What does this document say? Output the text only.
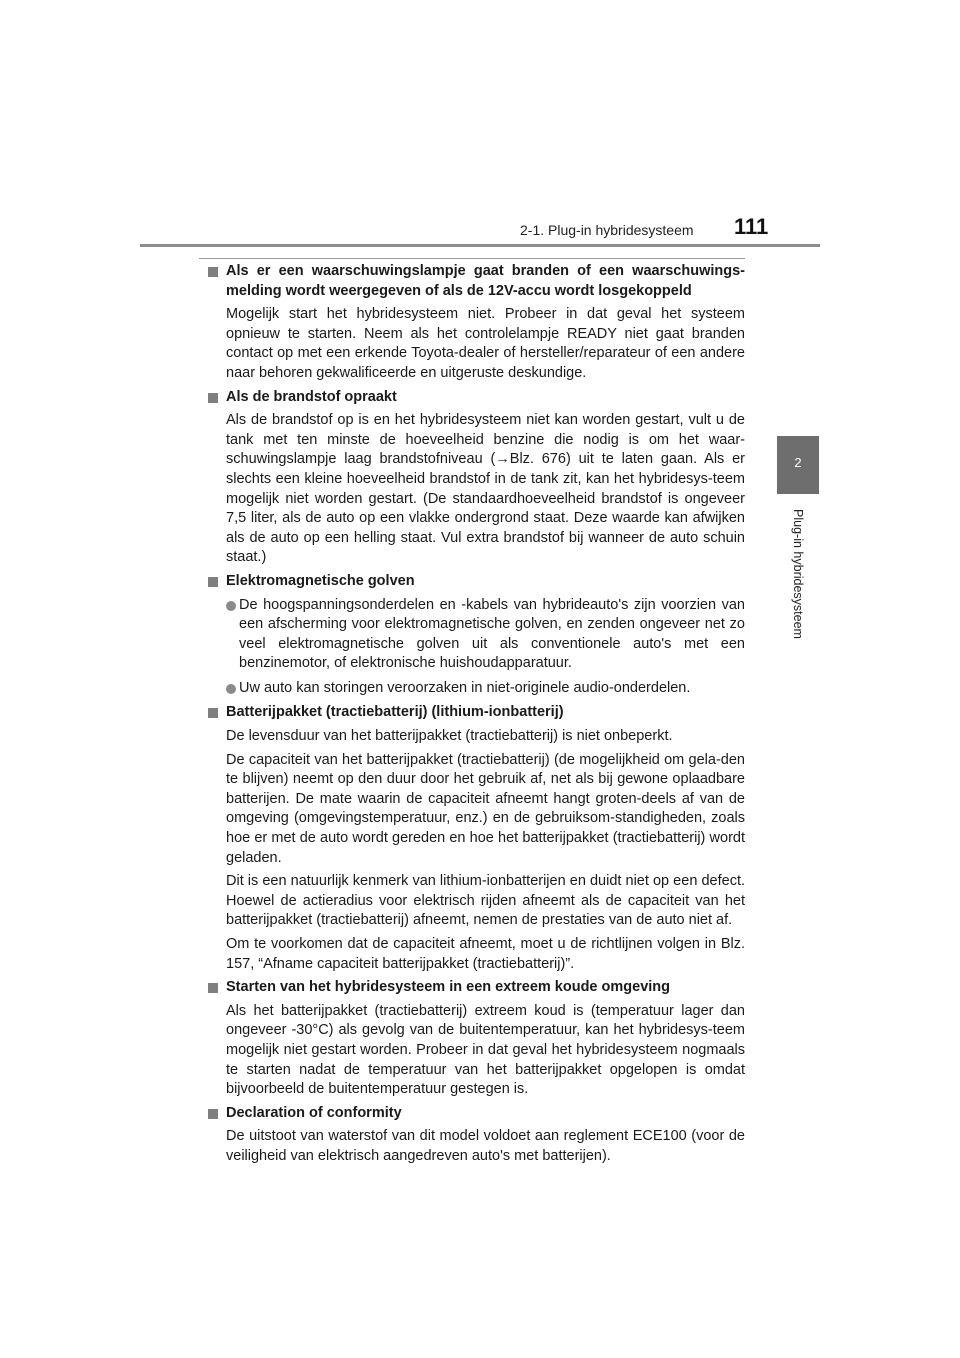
2-1. Plug-in hybridesysteem 111
2
Plug-in hybridesysteem

Als er een waarschuwingslampje gaat branden of een waarschuwings-melding wordt weergegeven of als de 12V-accu wordt losgekoppeld

Mogelijk start het hybridesysteem niet. Probeer in dat geval het systeem opnieuw te starten. Neem als het controlelampje READY niet gaat branden contact op met een erkende Toyota-dealer of hersteller/reparateur of een andere naar behoren gekwalificeerde en uitgeruste deskundige.

Als de brandstof opraakt

Als de brandstof op is en het hybridesysteem niet kan worden gestart, vult u de tank met ten minste de hoeveelheid benzine die nodig is om het waar-schuwingslampje laag brandstofniveau (→Blz. 676) uit te laten gaan. Als er slechts een kleine hoeveelheid brandstof in de tank zit, kan het hybridesys-teem mogelijk niet worden gestart. (De standaardhoeveelheid brandstof is ongeveer 7,5 liter, als de auto op een vlakke ondergrond staat. Deze waarde kan afwijken als de auto op een helling staat. Vul extra brandstof bij wanneer de auto schuin staat.)

Elektromagnetische golven

De hoogspanningsonderdelen en -kabels van hybrideauto's zijn voorzien van een afscherming voor elektromagnetische golven, en zenden ongeveer net zo veel elektromagnetische golven uit als conventionele auto's met een benzinemotor, of elektronische huishoudapparatuur.

Uw auto kan storingen veroorzaken in niet-originele audio-onderdelen.

Batterijpakket (tractiebatterij) (lithium-ionbatterij)

De levensduur van het batterijpakket (tractiebatterij) is niet onbeperkt.

De capaciteit van het batterijpakket (tractiebatterij) (de mogelijkheid om gela-den te blijven) neemt op den duur door het gebruik af, net als bij gewone oplaadbare batterijen. De mate waarin de capaciteit afneemt hangt groten-deels af van de omgeving (omgevingstemperatuur, enz.) en de gebruiksom-standigheden, zoals hoe er met de auto wordt gereden en hoe het batterijpakket (tractiebatterij) wordt geladen.

Dit is een natuurlijk kenmerk van lithium-ionbatterijen en duidt niet op een defect. Hoewel de actieradius voor elektrisch rijden afneemt als de capaciteit van het batterijpakket (tractiebatterij) afneemt, nemen de prestaties van de auto niet af.

Om te voorkomen dat de capaciteit afneemt, moet u de richtlijnen volgen in Blz. 157, “Afname capaciteit batterijpakket (tractiebatterij)”.

Starten van het hybridesysteem in een extreem koude omgeving

Als het batterijpakket (tractiebatterij) extreem koud is (temperatuur lager dan ongeveer -30°C) als gevolg van de buitentemperatuur, kan het hybridesys-teem mogelijk niet gestart worden. Probeer in dat geval het hybridesysteem nogmaals te starten nadat de temperatuur van het batterijpakket opgelopen is omdat bijvoorbeeld de buitentemperatuur gestegen is.

Declaration of conformity

De uitstoot van waterstof van dit model voldoet aan reglement ECE100 (voor de veiligheid van elektrisch aangedreven auto's met batterijen).
